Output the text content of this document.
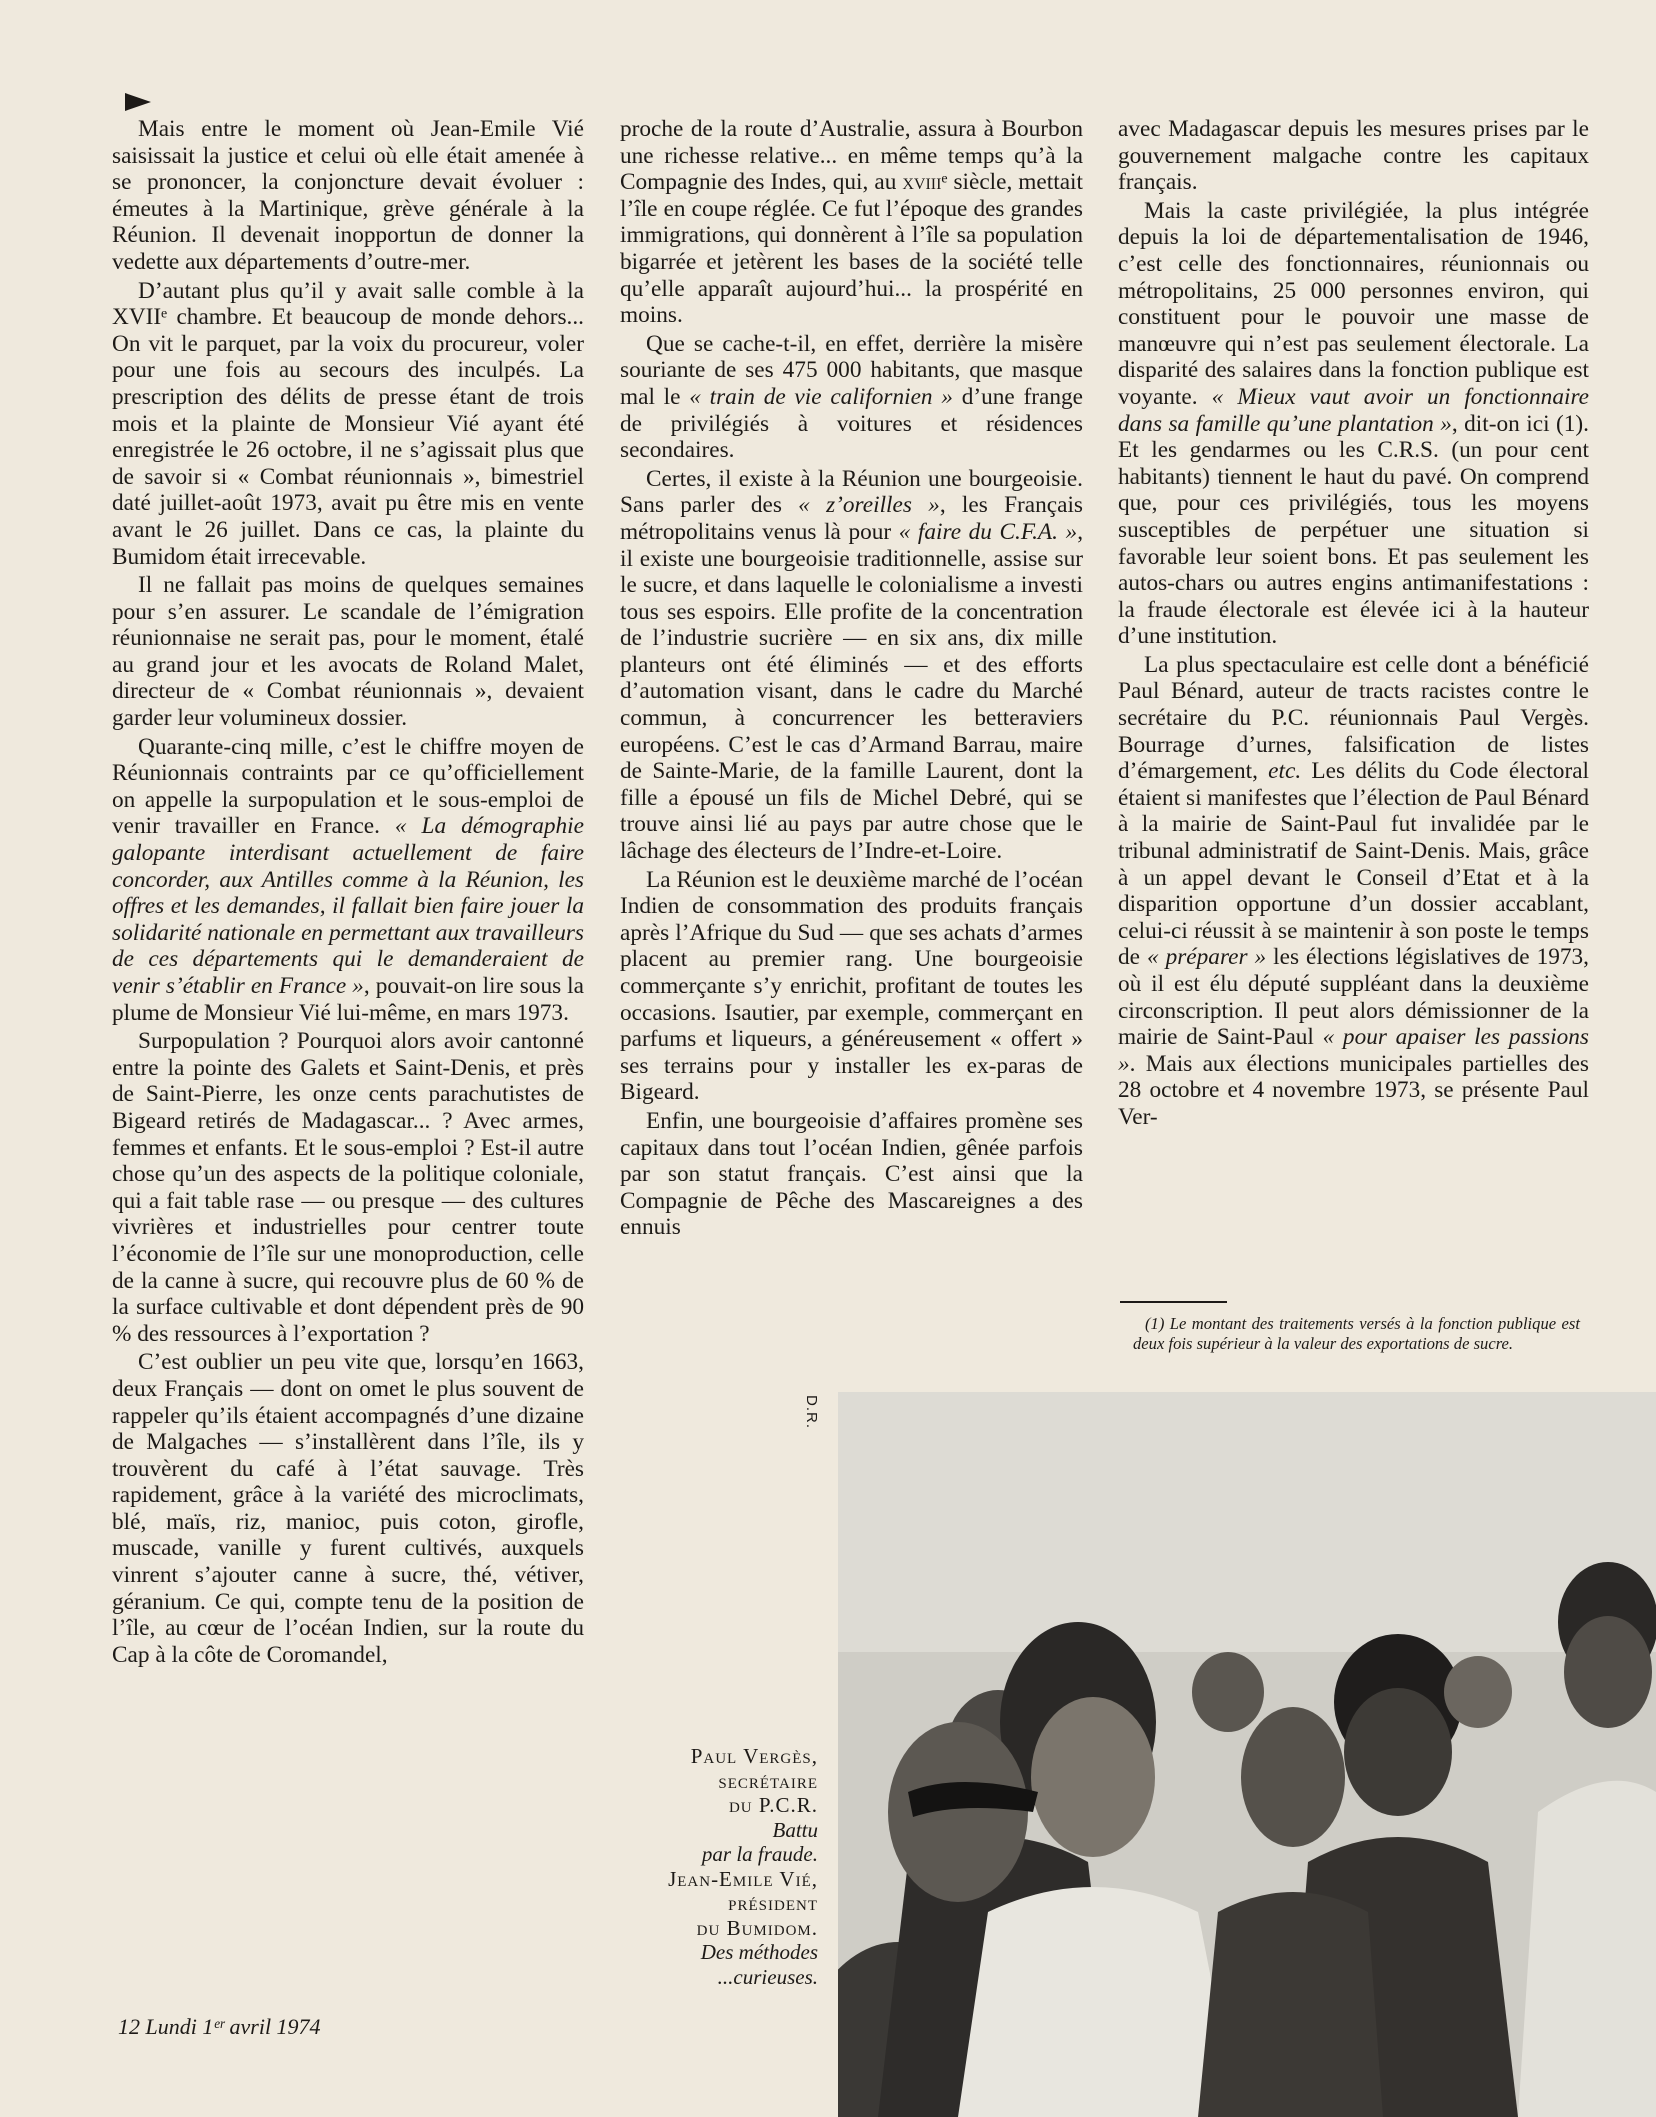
Mais entre le moment où Jean-Emile Vié saisissait la justice et celui où elle était amenée à se prononcer, la conjoncture devait évoluer : émeutes à la Martinique, grève générale à la Réunion. Il devenait inopportun de donner la vedette aux départements d’outre-mer.

D’autant plus qu’il y avait salle comble à la XVIIᵉ chambre. Et beaucoup de monde dehors... On vit le parquet, par la voix du procureur, voler pour une fois au secours des inculpés. La prescription des délits de presse étant de trois mois et la plainte de Monsieur Vié ayant été enregistrée le 26 octobre, il ne s’agissait plus que de savoir si « Combat réunionnais », bimestriel daté juillet-août 1973, avait pu être mis en vente avant le 26 juillet. Dans ce cas, la plainte du Bumidom était irrecevable.

Il ne fallait pas moins de quelques semaines pour s’en assurer. Le scandale de l’émigration réunionnaise ne serait pas, pour le moment, étalé au grand jour et les avocats de Roland Malet, directeur de « Combat réunionnais », devaient garder leur volumineux dossier.

Quarante-cinq mille, c’est le chiffre moyen de Réunionnais contraints par ce qu’officiellement on appelle la surpopulation et le sous-emploi de venir travailler en France. « La démographie galopante interdisant actuellement de faire concorder, aux Antilles comme à la Réunion, les offres et les demandes, il fallait bien faire jouer la solidarité nationale en permettant aux travailleurs de ces départements qui le demanderaient de venir s’établir en France », pouvait-on lire sous la plume de Monsieur Vié lui-même, en mars 1973.

Surpopulation ? Pourquoi alors avoir cantonné entre la pointe des Galets et Saint-Denis, et près de Saint-Pierre, les onze cents parachutistes de Bigeard retirés de Madagascar... ? Avec armes, femmes et enfants. Et le sous-emploi ? Est-il autre chose qu’un des aspects de la politique coloniale, qui a fait table rase — ou presque — des cultures vivrières et industrielles pour centrer toute l’économie de l’île sur une monoproduction, celle de la canne à sucre, qui recouvre plus de 60 % de la surface cultivable et dont dépendent près de 90 % des ressources à l’exportation ?

C’est oublier un peu vite que, lorsqu’en 1663, deux Français — dont on omet le plus souvent de rappeler qu’ils étaient accompagnés d’une dizaine de Malgaches — s’installèrent dans l’île, ils y trouvèrent du café à l’état sauvage. Très rapidement, grâce à la variété des microclimats, blé, maïs, riz, manioc, puis coton, girofle, muscade, vanille y furent cultivés, auxquels vinrent s’ajouter canne à sucre, thé, vétiver, géranium. Ce qui, compte tenu de la position de l’île, au cœur de l’océan Indien, sur la route du Cap à la côte de Coromandel,

proche de la route d’Australie, assura à Bourbon une richesse relative... en même temps qu’à la Compagnie des Indes, qui, au xviiiᵉ siècle, mettait l’île en coupe réglée. Ce fut l’époque des grandes immigrations, qui donnèrent à l’île sa population bigarrée et jetèrent les bases de la société telle qu’elle apparaît aujourd’hui... la prospérité en moins.

Que se cache-t-il, en effet, derrière la misère souriante de ses 475 000 habitants, que masque mal le « train de vie californien » d’une frange de privilégiés à voitures et résidences secondaires.

Certes, il existe à la Réunion une bourgeoisie. Sans parler des « z’oreilles », les Français métropolitains venus là pour « faire du C.F.A. », il existe une bourgeoisie traditionnelle, assise sur le sucre, et dans laquelle le colonialisme a investi tous ses espoirs. Elle profite de la concentration de l’industrie sucrière — en six ans, dix mille planteurs ont été éliminés — et des efforts d’automation visant, dans le cadre du Marché commun, à concurrencer les betteraviers européens. C’est le cas d’Armand Barrau, maire de Sainte-Marie, de la famille Laurent, dont la fille a épousé un fils de Michel Debré, qui se trouve ainsi lié au pays par autre chose que le lâchage des électeurs de l’Indre-et-Loire.

La Réunion est le deuxième marché de l’océan Indien de consommation des produits français après l’Afrique du Sud — que ses achats d’armes placent au premier rang. Une bourgeoisie commerçante s’y enrichit, profitant de toutes les occasions. Isautier, par exemple, commerçant en parfums et liqueurs, a généreusement « offert » ses terrains pour y installer les ex-paras de Bigeard.

Enfin, une bourgeoisie d’affaires promène ses capitaux dans tout l’océan Indien, gênée parfois par son statut français. C’est ainsi que la Compagnie de Pêche des Mascareignes a des ennuis

avec Madagascar depuis les mesures prises par le gouvernement malgache contre les capitaux français.

Mais la caste privilégiée, la plus intégrée depuis la loi de départementalisation de 1946, c’est celle des fonctionnaires, réunionnais ou métropolitains, 25 000 personnes environ, qui constituent pour le pouvoir une masse de manœuvre qui n’est pas seulement électorale. La disparité des salaires dans la fonction publique est voyante. « Mieux vaut avoir un fonctionnaire dans sa famille qu’une plantation », dit-on ici (1). Et les gendarmes ou les C.R.S. (un pour cent habitants) tiennent le haut du pavé. On comprend que, pour ces privilégiés, tous les moyens susceptibles de perpétuer une situation si favorable leur soient bons. Et pas seulement les autos-chars ou autres engins antimanifestations : la fraude électorale est élevée ici à la hauteur d’une institution.

La plus spectaculaire est celle dont a bénéficié Paul Bénard, auteur de tracts racistes contre le secrétaire du P.C. réunionnais Paul Vergès. Bourrage d’urnes, falsification de listes d’émargement, etc. Les délits du Code électoral étaient si manifestes que l’élection de Paul Bénard à la mairie de Saint-Paul fut invalidée par le tribunal administratif de Saint-Denis. Mais, grâce à un appel devant le Conseil d’Etat et à la disparition opportune d’un dossier accablant, celui-ci réussit à se maintenir à son poste le temps de « préparer » les élections législatives de 1973, où il est élu député suppléant dans la deuxième circonscription. Il peut alors démissionner de la mairie de Saint-Paul « pour apaiser les passions ». Mais aux élections municipales partielles des 28 octobre et 4 novembre 1973, se présente Paul Ver-

(1) Le montant des traitements versés à la fonction publique est deux fois supérieur à la valeur des exportations de sucre.
D.R.
Paul Vergès,
secrétaire
du P.C.R.
Battu
par la fraude.
Jean-Emile Vié,
président
du Bumidom.
Des méthodes
...curieuses.
12 Lundi 1ᵉʳ avril 1974
